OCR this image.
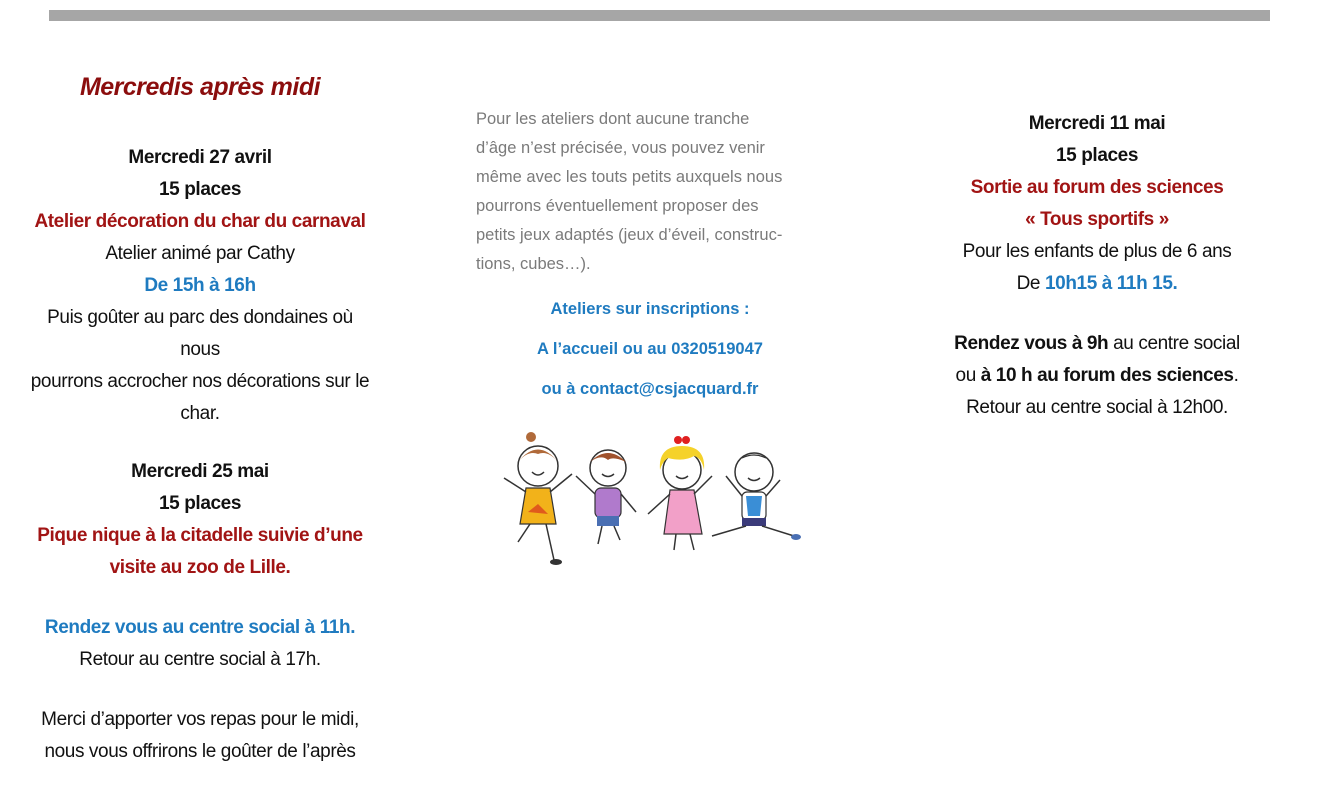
Mercredis après midi
Mercredi 27 avril
15 places
Atelier décoration du char du carnaval
Atelier animé par Cathy
De 15h à 16h
Puis goûter au parc des dondaines où nous
pourrons accrocher nos décorations sur le
char.
Mercredi 25 mai
15 places
Pique nique à la citadelle suivie d’une
visite au zoo de Lille.
Rendez vous au centre social à 11h.
Retour au centre social à 17h.
Merci d’apporter vos repas pour le midi,
nous vous offrirons le goûter de l’après
Pour les ateliers dont aucune tranche
d’âge n’est précisée, vous pouvez venir
même avec les touts petits auxquels nous
pourrons éventuellement proposer des
petits jeux adaptés (jeux d’éveil, construc-
tions, cubes…).
Ateliers sur inscriptions :
A l’accueil ou au 0320519047
ou à contact@csjacquard.fr
Mercredi 11 mai
15 places
Sortie au forum des sciences
« Tous sportifs »
Pour les enfants de plus de 6 ans
De 10h15 à 11h 15.
Rendez vous à 9h au centre social
ou à 10 h au forum des sciences.
Retour au centre social à 12h00.
